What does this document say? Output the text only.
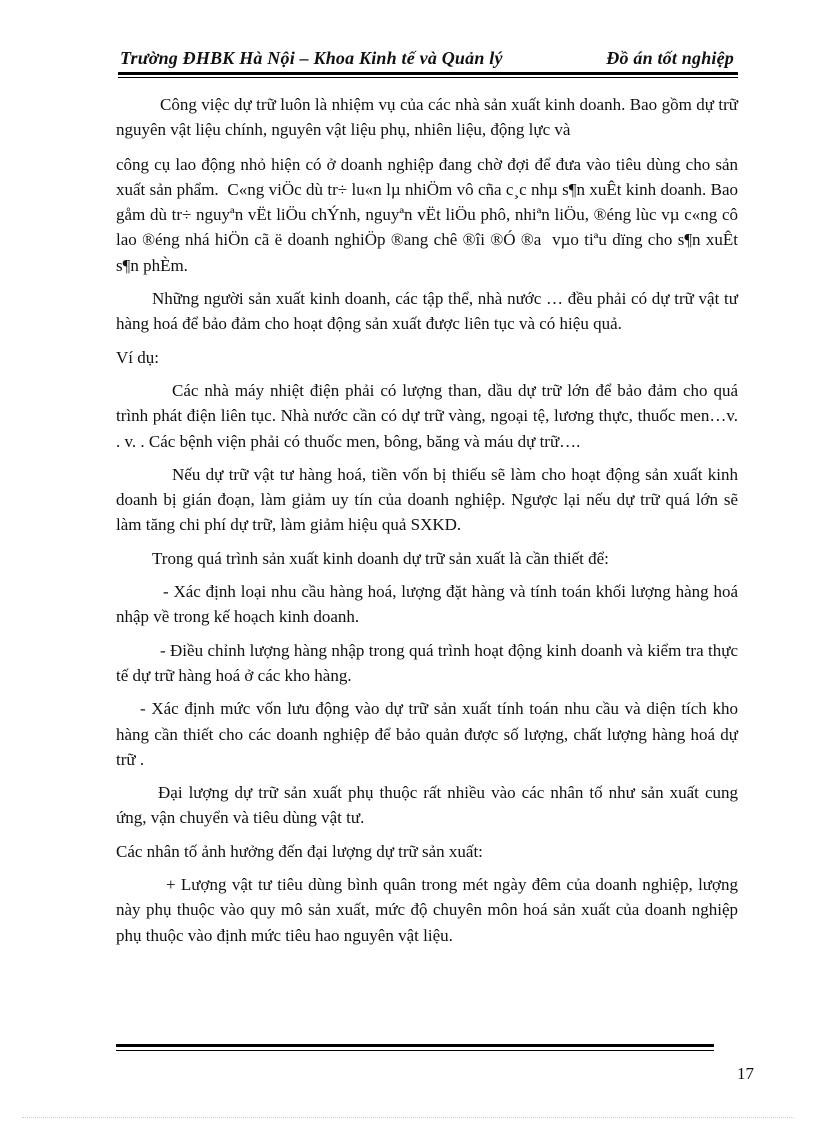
Trường ĐHBK Hà Nội – Khoa Kinh tế và Quản lý	Đồ án tốt nghiệp

Công việc dự trữ luôn là nhiệm vụ của các nhà sản xuất kinh doanh. Bao gồm dự trữ nguyên vật liệu chính, nguyên vật liệu phụ, nhiên liệu, động lực và

công cụ lao động nhỏ hiện có ở doanh nghiệp đang chờ đợi để đưa vào tiêu dùng cho sản xuất sản phẩm.  C«ng viÖc dù tr÷ lu«n lµ nhiÖm vô cña c¸c nhµ s¶n xuÊt kinh doanh. Bao gåm dù tr÷ nguyªn vËt liÖu chÝnh, nguyªn vËt liÖu phô, nhiªn liÖu, ®éng lùc vµ c«ng cô lao ®éng nhá hiÖn cã ë doanh nghiÖp ®ang chê ®îi ®Ó ®a  vµo tiªu dïng cho s¶n xuÊt s¶n phÈm.

Những người sản xuất kinh doanh, các tập thể, nhà nước … đều phải có dự trữ vật tư hàng hoá để bảo đảm cho hoạt động sản xuất được liên tục và có hiệu quả.

Ví dụ:

Các nhà máy nhiệt điện phải có lượng than, dầu dự trữ lớn để bảo đảm cho quá trình phát điện liên tục. Nhà nước cần có dự trữ vàng, ngoại tệ, lương thực, thuốc men…v. . v. . Các bệnh viện phải có thuốc men, bông, băng và máu dự trữ….

Nếu dự trữ vật tư hàng hoá, tiền vốn bị thiếu sẽ làm cho hoạt động sản xuất kinh doanh bị gián đoạn, làm giảm uy tín của doanh nghiệp. Ngược lại nếu dự trữ quá lớn sẽ làm tăng chi phí dự trữ, làm giảm hiệu quả SXKD.

Trong quá trình sản xuất kinh doanh dự trữ sản xuất là cần thiết để:

- Xác định loại nhu cầu hàng hoá, lượng đặt hàng và tính toán khối lượng hàng hoá nhập về trong kế hoạch kinh doanh.

- Điều chỉnh lượng hàng nhập trong quá trình hoạt động kinh doanh và kiểm tra thực tế dự trữ hàng hoá ở các kho hàng.

- Xác định mức vốn lưu động vào dự trữ sản xuất tính toán nhu cầu và diện tích kho hàng cần thiết cho các doanh nghiệp để bảo quản được số lượng, chất lượng hàng hoá dự trữ .

Đại lượng dự trữ sản xuất phụ thuộc rất nhiều vào các nhân tố như sản xuất cung ứng, vận chuyển và tiêu dùng vật tư.

Các nhân tố ảnh hưởng đến đại lượng dự trữ sản xuất:

+ Lượng vật tư tiêu dùng bình quân trong mét ngày đêm của doanh nghiệp, lượng này phụ thuộc vào quy mô sản xuất, mức độ chuyên môn hoá sản xuất của doanh nghiệp phụ thuộc vào định mức tiêu hao nguyên vật liệu.

17
